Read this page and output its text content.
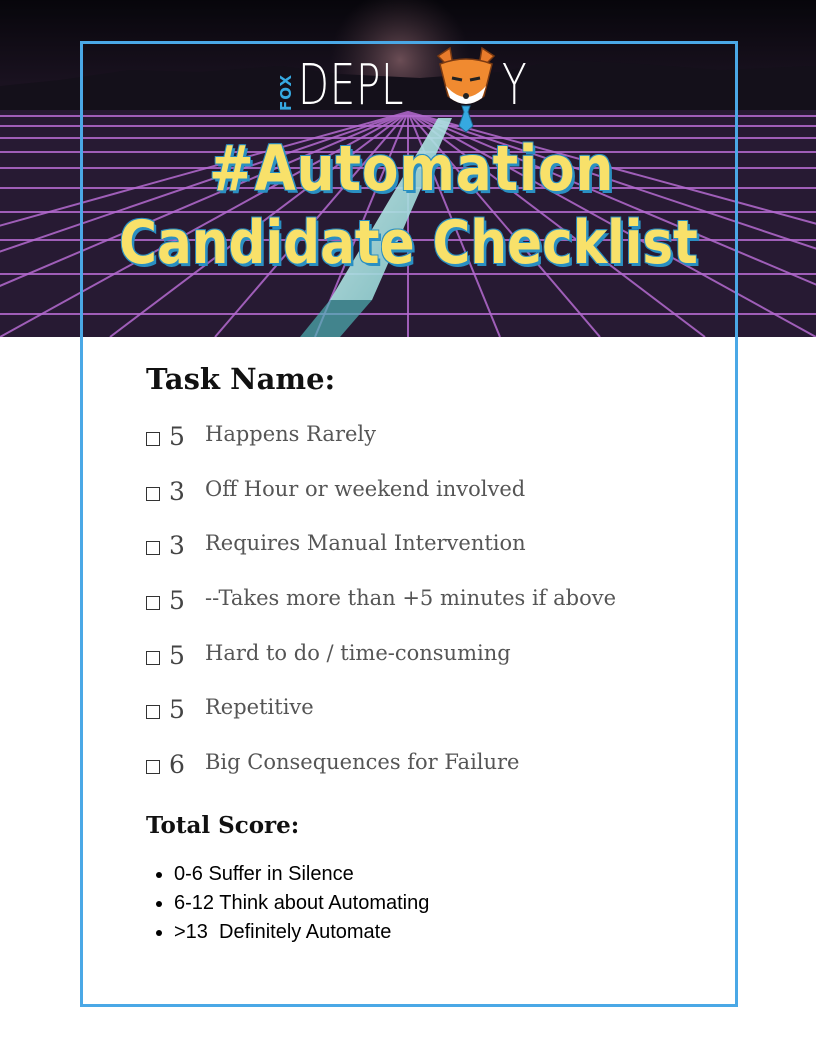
FOX DEPL Y
#Automation
Candidate Checklist
Task Name:
5 Happens Rarely
3 Off Hour or weekend involved
3 Requires Manual Intervention
5 --Takes more than +5 minutes if above
5 Hard to do / time-consuming
5 Repetitive
6 Big Consequences for Failure
Total Score:
• 0-6 Suffer in Silence
• 6-12 Think about Automating
• >13  Definitely Automate
